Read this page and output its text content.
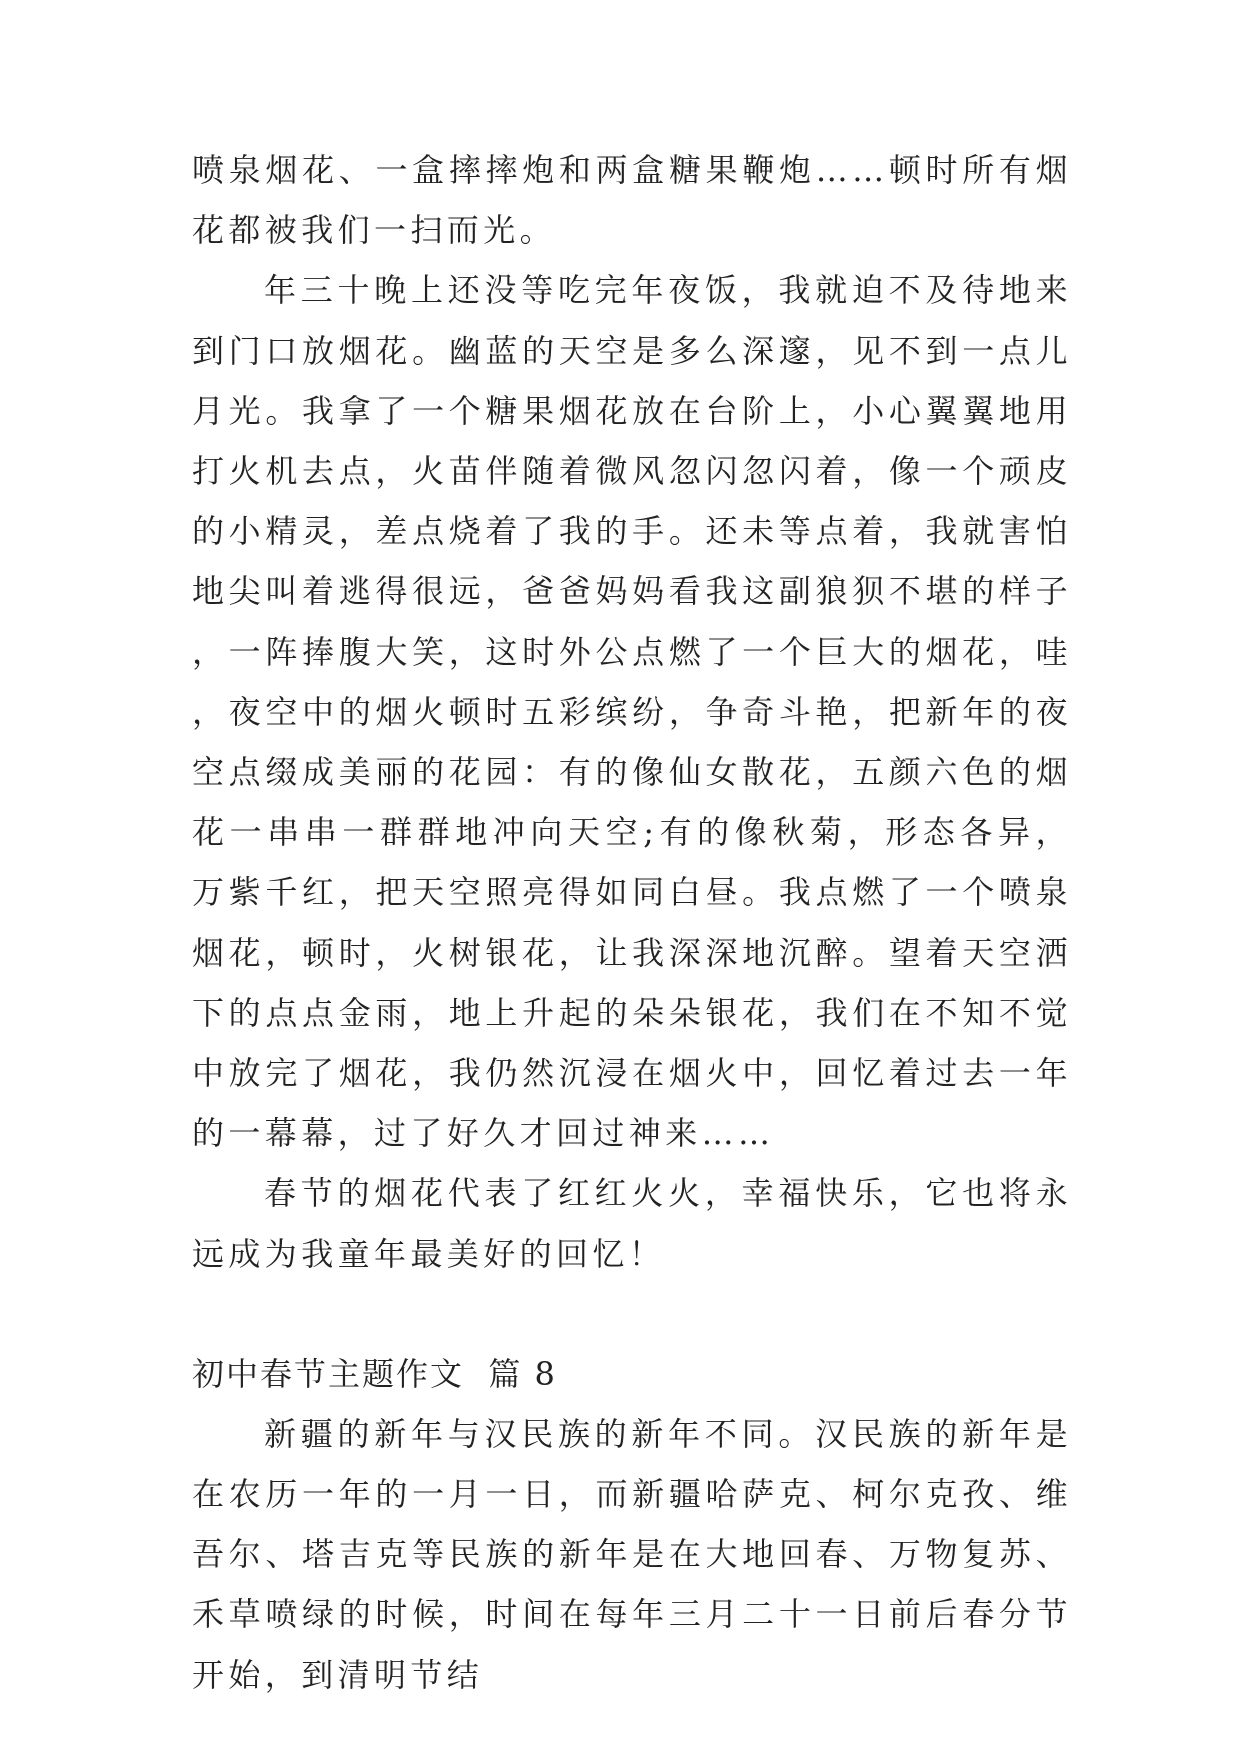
喷泉烟花、一盒摔摔炮和两盒糖果鞭炮……顿时所有烟花都被我们一扫而光。

年三十晚上还没等吃完年夜饭，我就迫不及待地来到门口放烟花。幽蓝的天空是多么深邃，见不到一点儿月光。我拿了一个糖果烟花放在台阶上，小心翼翼地用打火机去点，火苗伴随着微风忽闪忽闪着，像一个顽皮的小精灵，差点烧着了我的手。还未等点着，我就害怕地尖叫着逃得很远，爸爸妈妈看我这副狼狈不堪的样子，一阵捧腹大笑，这时外公点燃了一个巨大的烟花，哇，夜空中的烟火顿时五彩缤纷，争奇斗艳，把新年的夜空点缀成美丽的花园：有的像仙女散花，五颜六色的烟花一串串一群群地冲向天空;有的像秋菊，形态各异，万紫千红，把天空照亮得如同白昼。我点燃了一个喷泉烟花，顿时，火树银花，让我深深地沉醉。望着天空洒下的点点金雨，地上升起的朵朵银花，我们在不知不觉中放完了烟花，我仍然沉浸在烟火中，回忆着过去一年的一幕幕，过了好久才回过神来……

春节的烟花代表了红红火火，幸福快乐，它也将永远成为我童年最美好的回忆！

初中春节主题作文  篇 8

新疆的新年与汉民族的新年不同。汉民族的新年是在农历一年的一月一日，而新疆哈萨克、柯尔克孜、维吾尔、塔吉克等民族的新年是在大地回春、万物复苏、禾草喷绿的时候，时间在每年三月二十一日前后春分节开始，到清明节结
